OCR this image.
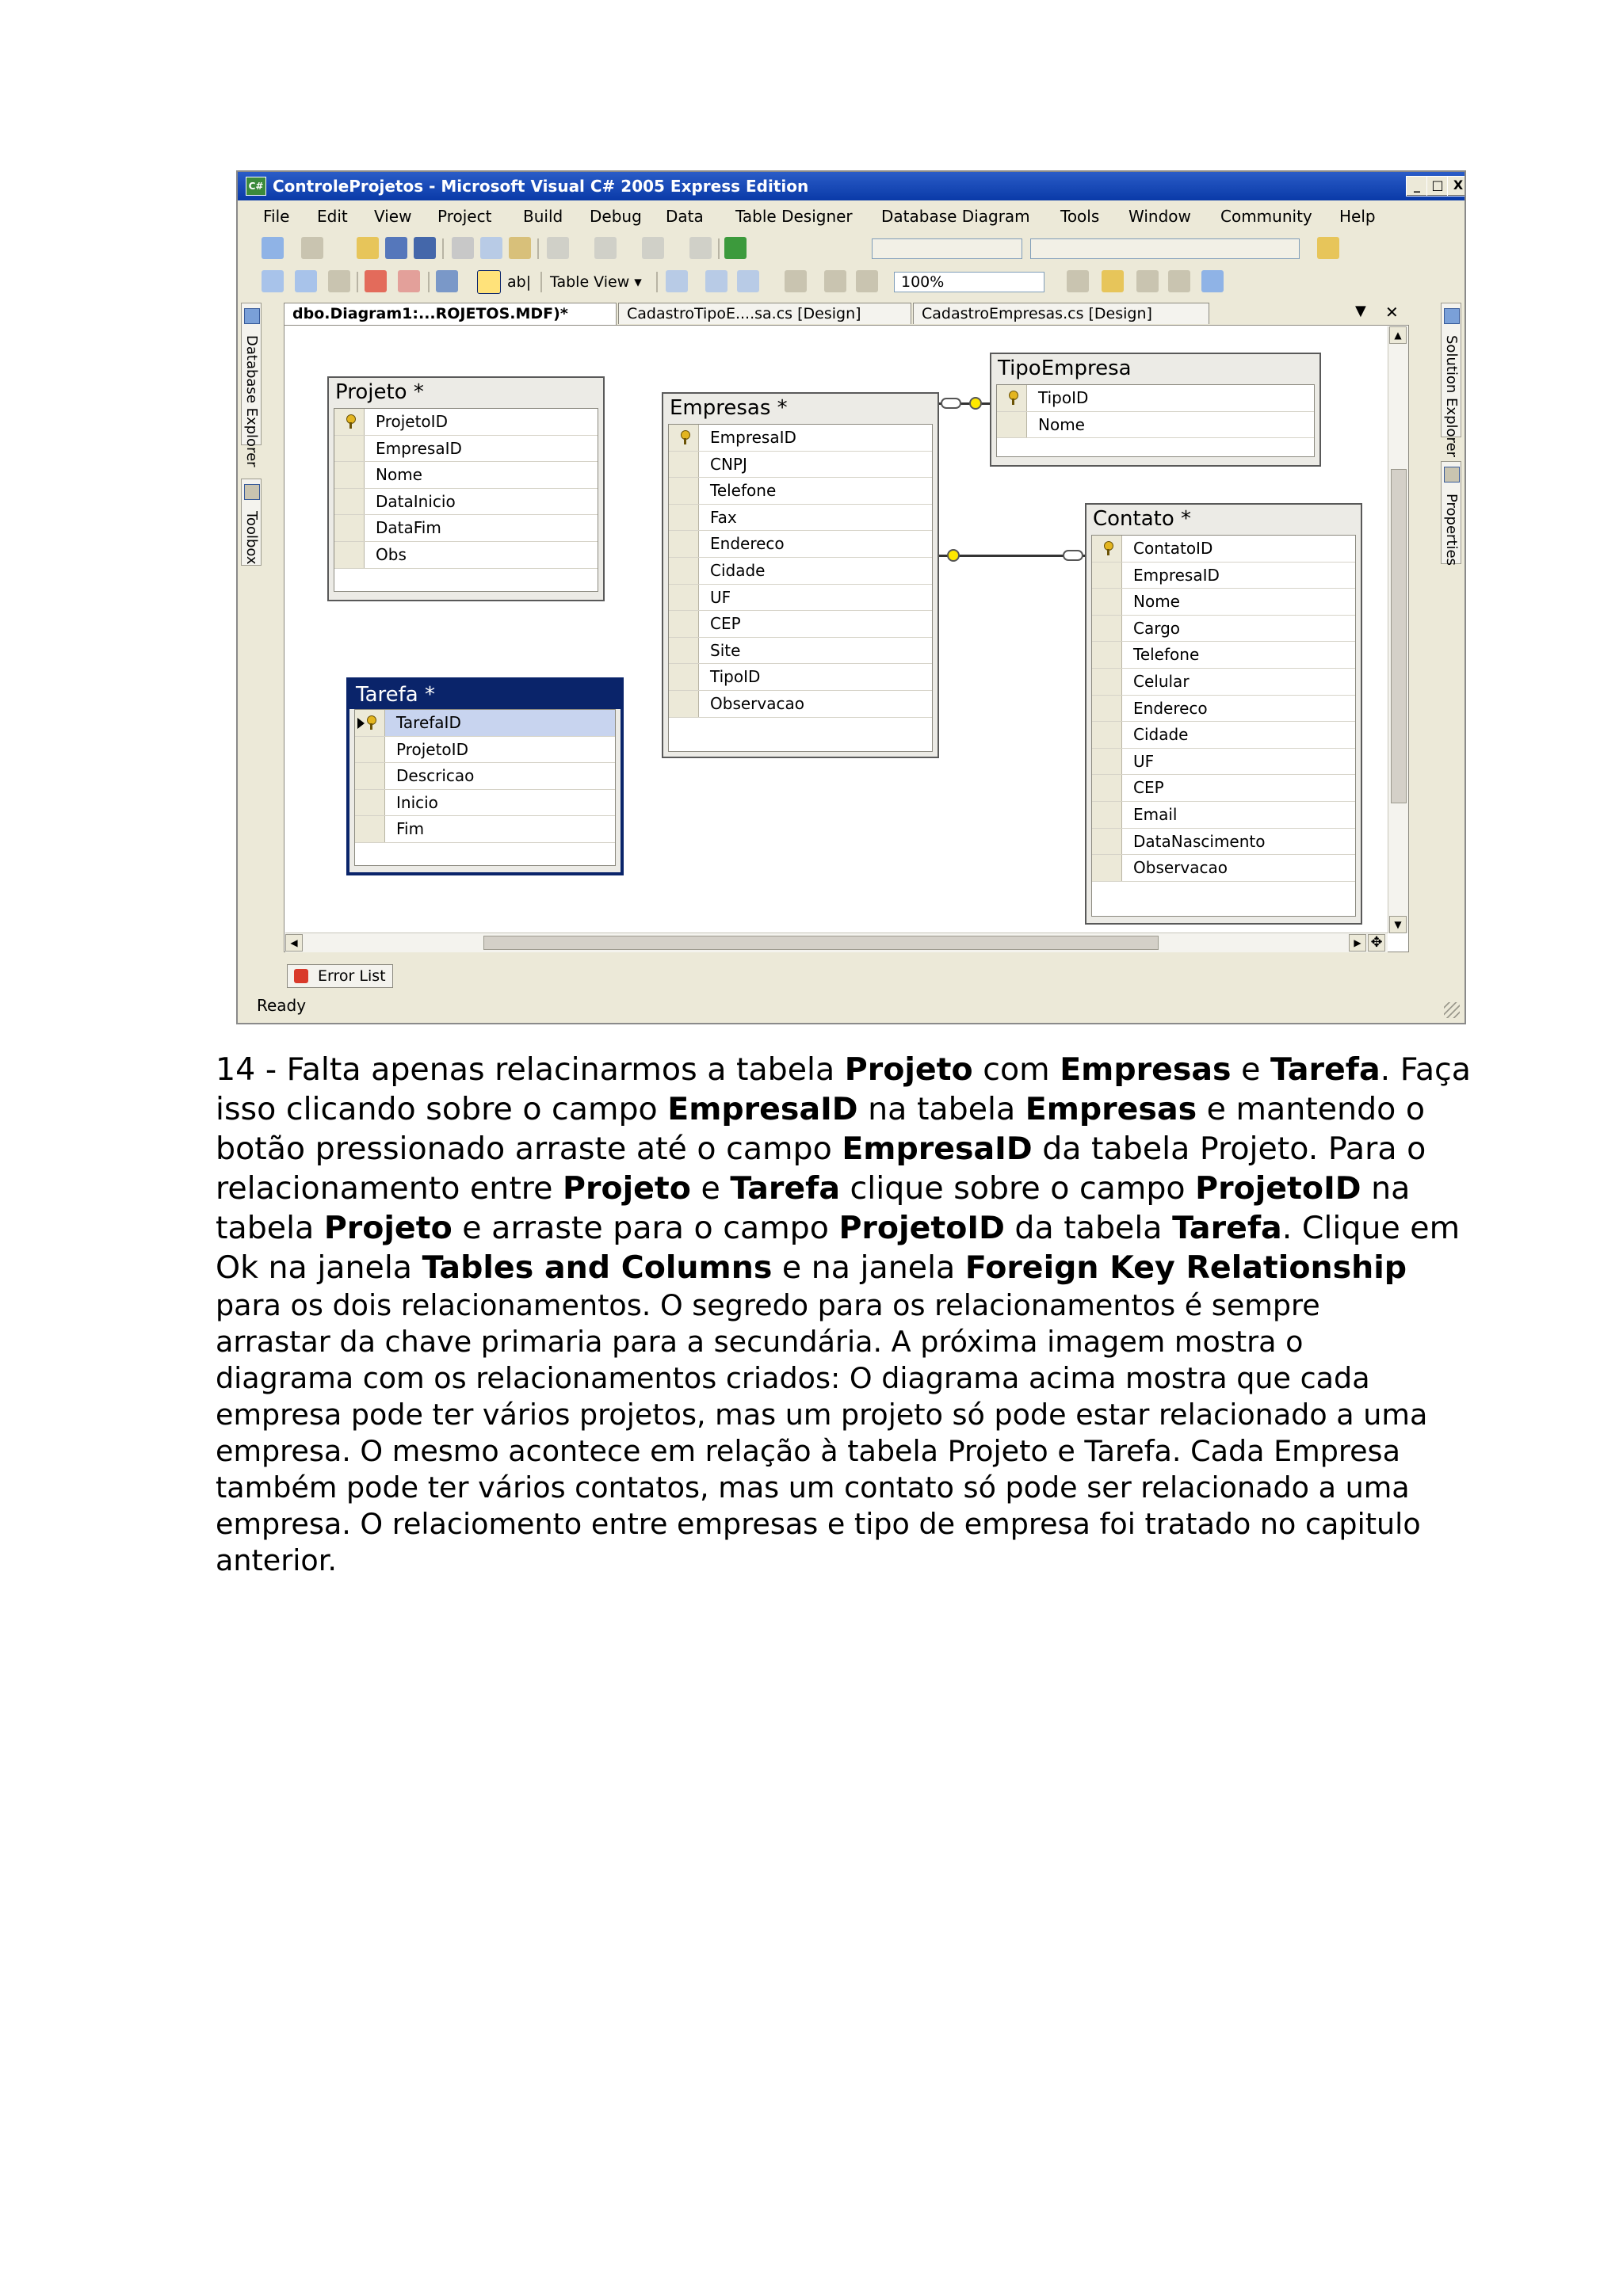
C# ControleProjetos - Microsoft Visual C# 2005 Express Edition	_ □ X
File Edit View Project Build Debug Data Table Designer Database Diagram Tools Window Community Help
ab| Table View ▾	100%
Database Explorer
Toolbox
Solution Explorer
Properties
dbo.Diagram1:...ROJETOS.MDF)*	CadastroTipoE....sa.cs [Design]	CadastroEmpresas.cs [Design]	▼ ✕
Projeto *
ProjetoID
EmpresaID
Nome
DataInicio
DataFim
Obs
Empresas *
EmpresaID
CNPJ
Telefone
Fax
Endereco
Cidade
UF
CEP
Site
TipoID
Observacao
TipoEmpresa
TipoID
Nome
Contato *
ContatoID
EmpresaID
Nome
Cargo
Telefone
Celular
Endereco
Cidade
UF
CEP
Email
DataNascimento
Observacao
Tarefa *
TarefaID
ProjetoID
Descricao
Inicio
Fim
▲
▼
◀	▶ ✥
Error List
Ready
14 - Falta apenas relacinarmos a tabela Projeto com Empresas e Tarefa. Faça
isso clicando sobre o campo EmpresaID na tabela Empresas e mantendo o
botão pressionado arraste até o campo EmpresaID da tabela Projeto. Para o
relacionamento entre Projeto e Tarefa clique sobre o campo ProjetoID na
tabela Projeto e arraste para o campo ProjetoID da tabela Tarefa. Clique em
Ok na janela Tables and Columns e na janela Foreign Key Relationship
para os dois relacionamentos. O segredo para os relacionamentos é sempre
arrastar da chave primaria para a secundária. A próxima imagem mostra o
diagrama com os relacionamentos criados: O diagrama acima mostra que cada
empresa pode ter vários projetos, mas um projeto só pode estar relacionado a uma
empresa. O mesmo acontece em relação à tabela Projeto e Tarefa. Cada Empresa
também pode ter vários contatos, mas um contato só pode ser relacionado a uma
empresa. O relaciomento entre empresas e tipo de empresa foi tratado no capitulo
anterior.
